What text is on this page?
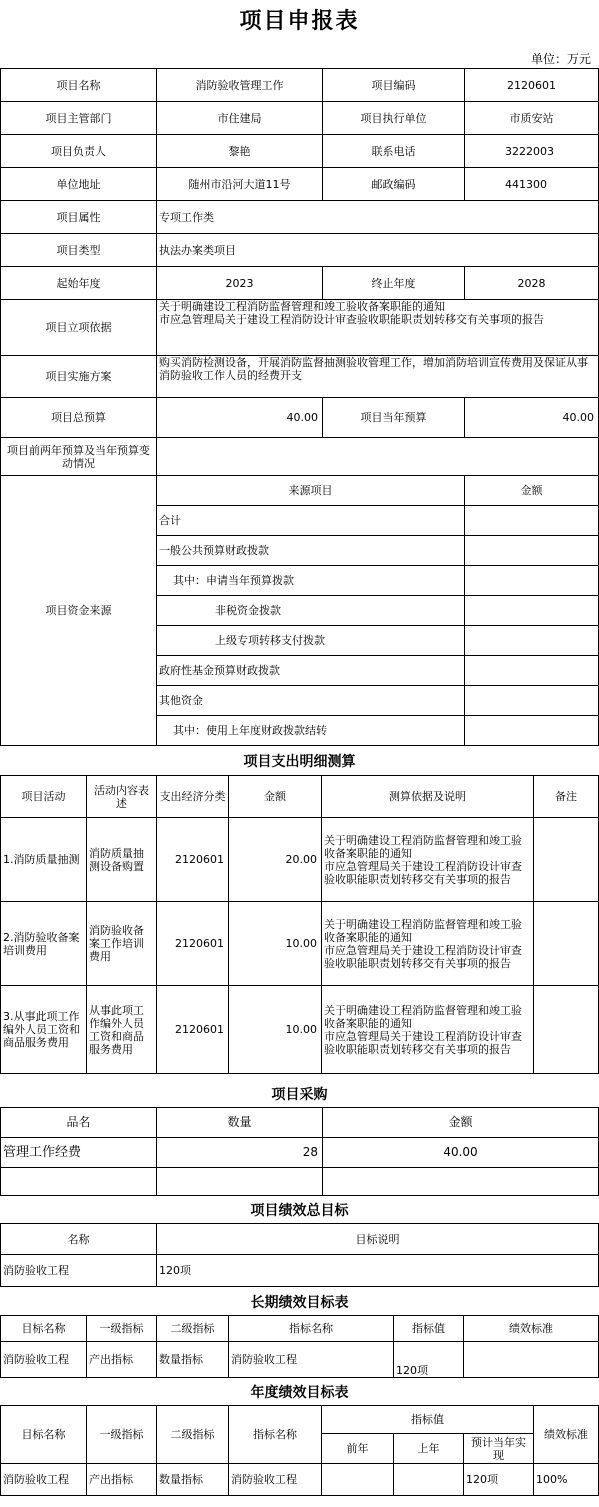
项目申报表
单位：万元
项目名称	消防验收管理工作	项目编码	2120601
项目主管部门	市住建局	项目执行单位	市质安站
项目负责人	黎艳	联系电话	3222003
单位地址	随州市沿河大道11号	邮政编码	441300
项目属性	专项工作类		
项目类型	执法办案类项目		
起始年度	2023	终止年度	2028
项目立项依据	关于明确建设工程消防监督管理和竣工验收备案职能的通知
市应急管理局关于建设工程消防设计审查验收职能职责划转移交有关事项的报告		
项目实施方案	购买消防检测设备，开展消防监督抽测验收管理工作，增加消防培训宣传费用及保证从事消防验收工作人员的经费开支		
项目总预算	40.00	项目当年预算	40.00
项目前两年预算及当年预算变动情况			
项目资金来源	来源项目		金额
	合计		
	一般公共预算财政拨款		
	其中：申请当年预算拨款		
	非税资金拨款		
	上级专项转移支付拨款		
	政府性基金预算财政拨款		
	其他资金		
	其中：使用上年度财政拨款结转		
项目支出明细测算
项目活动	活动内容表述	支出经济分类	金额	测算依据及说明	备注
1.消防质量抽测	消防质量抽测设备购置	2120601	20.00	关于明确建设工程消防监督管理和竣工验收备案职能的通知
市应急管理局关于建设工程消防设计审查验收职能职责划转移交有关事项的报告	
2.消防验收备案培训费用	消防验收备案工作培训费用	2120601	10.00	关于明确建设工程消防监督管理和竣工验收备案职能的通知
市应急管理局关于建设工程消防设计审查验收职能职责划转移交有关事项的报告	
3.从事此项工作编外人员工资和商品服务费用	从事此项工作编外人员工资和商品服务费用	2120601	10.00	关于明确建设工程消防监督管理和竣工验收备案职能的通知
市应急管理局关于建设工程消防设计审查验收职能职责划转移交有关事项的报告	
项目采购
品名	数量	金额
管理工作经费	28	40.00

项目绩效总目标
名称	目标说明
消防验收工程	120项
长期绩效目标表
目标名称	一级指标	二级指标	指标名称	指标值	绩效标准
消防验收工程	产出指标	数量指标	消防验收工程	120项	
年度绩效目标表
目标名称	一级指标	二级指标	指标名称	指标值			绩效标准
				前年	上年	预计当年实现	
消防验收工程	产出指标	数量指标	消防验收工程			120项	100%
